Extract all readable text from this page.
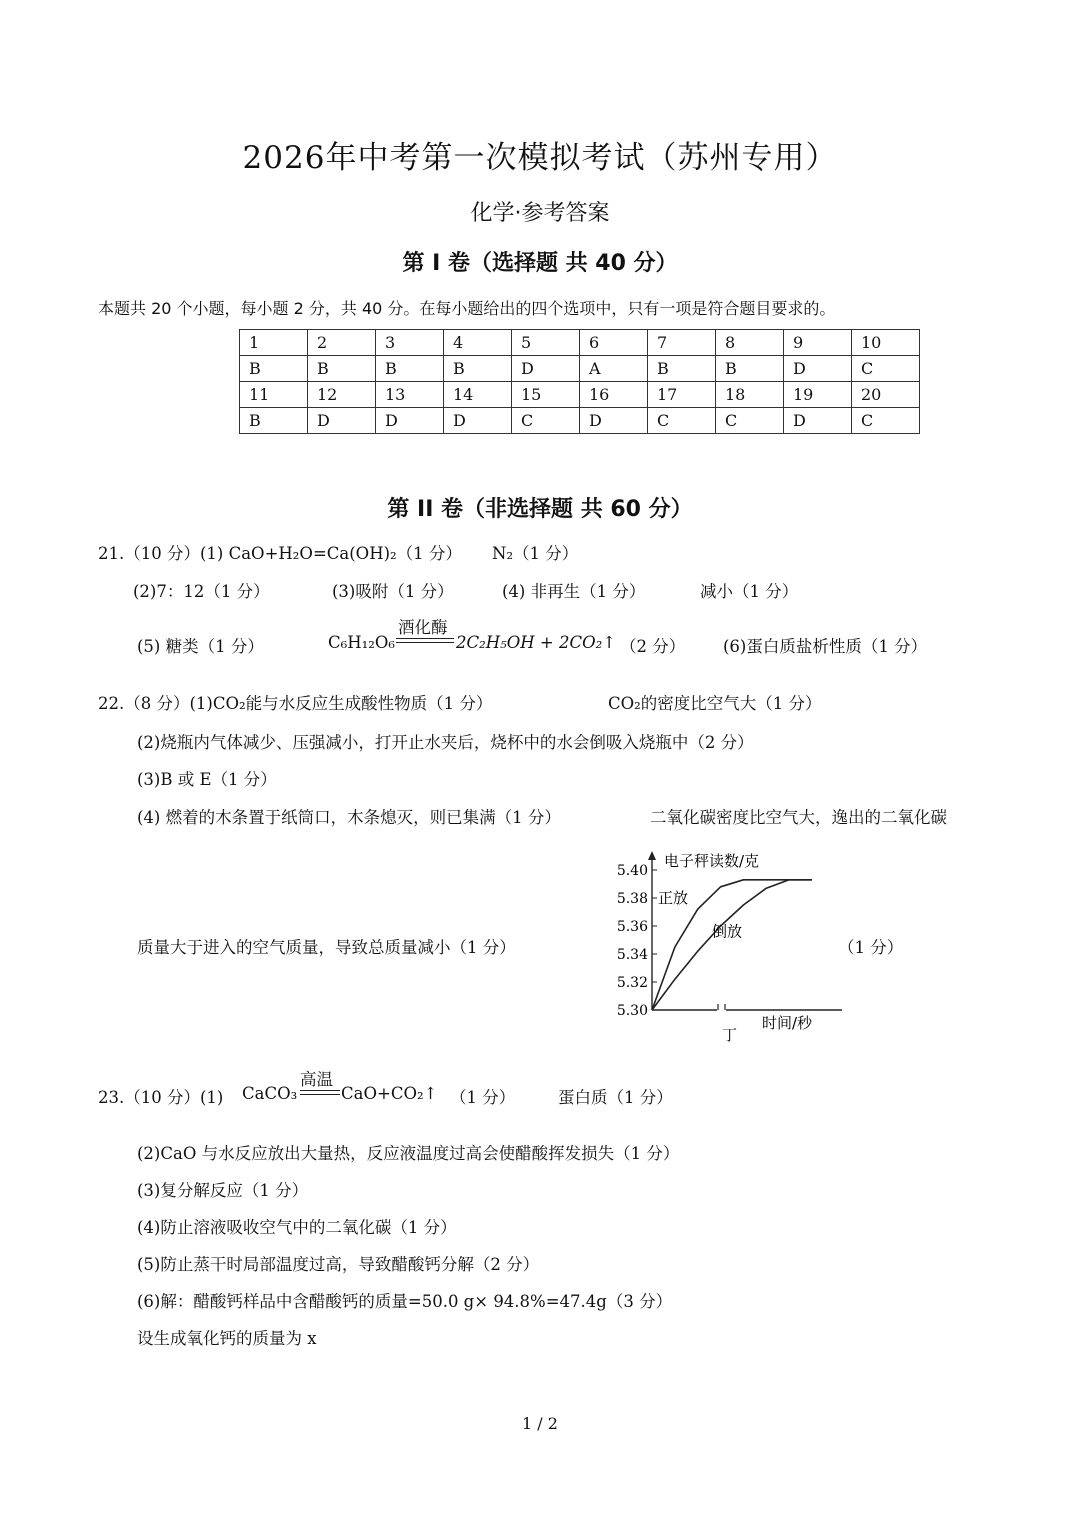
2026年中考第一次模拟考试（苏州专用）
化学·参考答案
第 I 卷（选择题 共 40 分）
本题共 20 个小题，每小题 2 分，共 40 分。在每小题给出的四个选项中，只有一项是符合题目要求的。
1	2	3	4	5	6	7	8	9	10
B	B	B	B	D	A	B	B	D	C
11	12	13	14	15	16	17	18	19	20
B	D	D	D	C	D	C	C	D	C
第 II 卷（非选择题 共 60 分）
21.（10 分）(1) CaO+H₂O=Ca(OH)₂（1 分） N₂（1 分）
(2)7：12（1 分）	(3)吸附（1 分）	(4) 非再生（1 分）	减小（1 分）
(5) 糖类（1 分）	C₆H₁₂O₆
酒化酶
2C₂H₅OH + 2CO₂↑ （2 分） (6)蛋白质盐析性质（1 分）
22.（8 分）(1)CO₂能与水反应生成酸性物质（1 分）	CO₂的密度比空气大（1 分）
(2)烧瓶内气体减少、压强减小，打开止水夹后，烧杯中的水会倒吸入烧瓶中（2 分）
(3)B 或 E（1 分）
(4) 燃着的木条置于纸筒口，木条熄灭，则已集满（1 分）	二氧化碳密度比空气大，逸出的二氧化碳
质量大于进入的空气质量，导致总质量减小（1 分）	（1 分）
5.40
5.38
5.36
5.34
5.32
5.30
电子秤读数/克
时间/秒
丁
正放
倒放
23.（10 分）(1) CaCO₃
高温
CaO+CO₂↑ （1 分）	蛋白质（1 分）
(2)CaO 与水反应放出大量热，反应液温度过高会使醋酸挥发损失（1 分）
(3)复分解反应（1 分）
(4)防止溶液吸收空气中的二氧化碳（1 分）
(5)防止蒸干时局部温度过高，导致醋酸钙分解（2 分）
(6)解：醋酸钙样品中含醋酸钙的质量=50.0 g× 94.8%=47.4g（3 分）
设生成氧化钙的质量为 x
1 / 2
